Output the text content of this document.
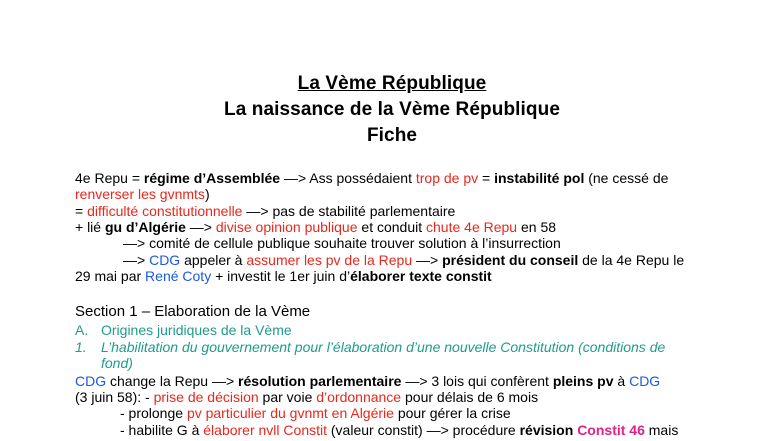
La Vème République
La naissance de la Vème République
Fiche
4e Repu = régime d’Assemblée —> Ass possédaient trop de pv = instabilité pol (ne cessé de
renverser les gvnmts)
= difficulté constitutionnelle —> pas de stabilité parlementaire
+ lié gu d’Algérie —> divise opinion publique et conduit chute 4e Repu en 58
—> comité de cellule publique souhaite trouver solution à l’insurrection
—> CDG appeler à assumer les pv de la Repu —> président du conseil de la 4e Repu le
29 mai par René Coty + investit le 1er juin d’élaborer texte constit
Section 1 – Elaboration de la Vème
A. Origines juridiques de la Vème
1. L’habilitation du gouvernement pour l’élaboration d’une nouvelle Constitution (conditions de
fond)
CDG change la Repu —> résolution parlementaire —> 3 lois qui confèrent pleins pv à CDG
(3 juin 58): - prise de décision par voie d’ordonnance pour délais de 6 mois
- prolonge pv particulier du gvnmt en Algérie pour gérer la crise
- habilite G à élaborer nvll Constit (valeur constit) —> procédure révision Constit 46 mais
